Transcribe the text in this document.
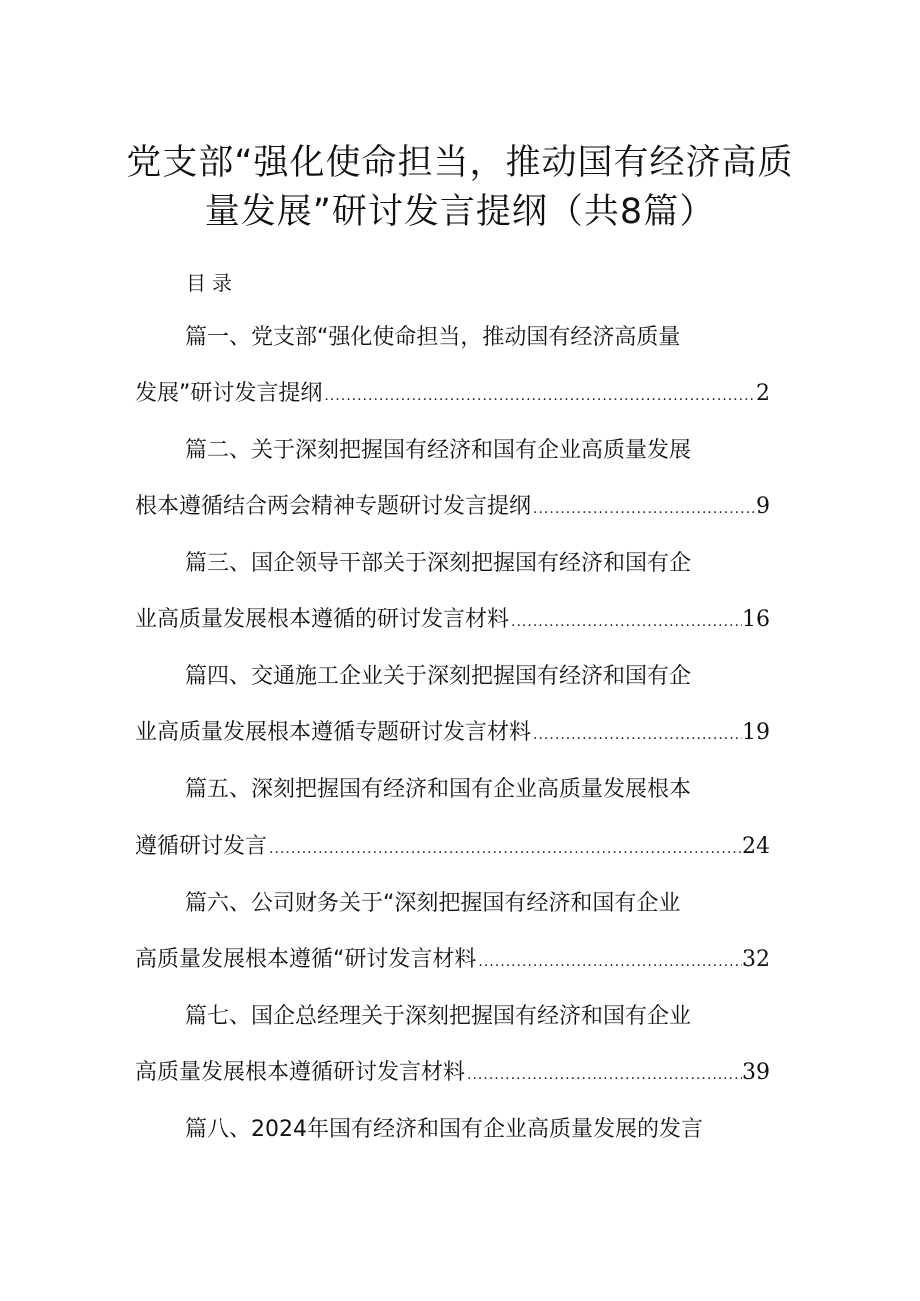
党支部“强化使命担当，推动国有经济高质
量发展”研讨发言提纲（共8篇）
目录
篇一、党支部“强化使命担当，推动国有经济高质量
发展”研讨发言提纲 .....	2
篇二、关于深刻把握国有经济和国有企业高质量发展
根本遵循结合两会精神专题研讨发言提纲 .....	9
篇三、国企领导干部关于深刻把握国有经济和国有企
业高质量发展根本遵循的研讨发言材料 .....	16
篇四、交通施工企业关于深刻把握国有经济和国有企
业高质量发展根本遵循专题研讨发言材料 .....	19
篇五、深刻把握国有经济和国有企业高质量发展根本
遵循研讨发言 .....	24
篇六、公司财务关于“深刻把握国有经济和国有企业
高质量发展根本遵循“研讨发言材料 .....	32
篇七、国企总经理关于深刻把握国有经济和国有企业
高质量发展根本遵循研讨发言材料 .....	39
篇八、2024年国有经济和国有企业高质量发展的发言
